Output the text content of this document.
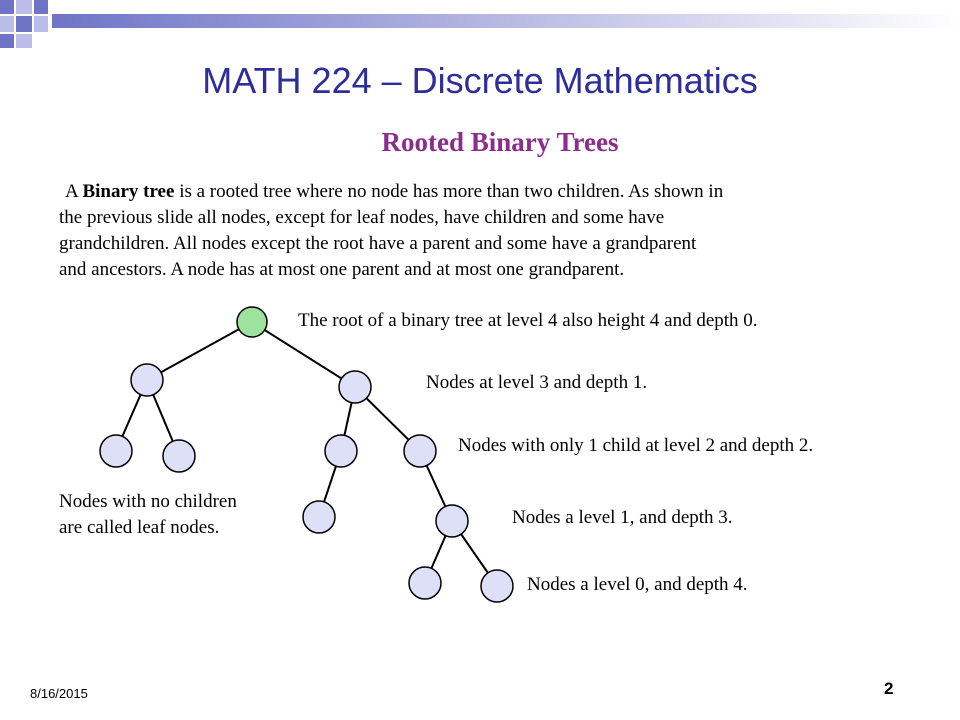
MATH 224 – Discrete Mathematics
Rooted Binary Trees

A Binary tree is a rooted tree where no node has more than two children. As shown in

the previous slide all nodes, except for leaf nodes, have children and some have

grandchildren. All nodes except the root have a parent and some have a grandparent

and ancestors. A node has at most one parent and at most one grandparent.

The root of a binary tree at level 4 also height 4 and depth 0.
Nodes at level 3 and depth 1.
Nodes with only 1 child at level 2 and depth 2.
Nodes a level 1, and depth 3.
Nodes a level 0, and depth 4.
Nodes with no children
are called leaf nodes.
8/16/2015	2
